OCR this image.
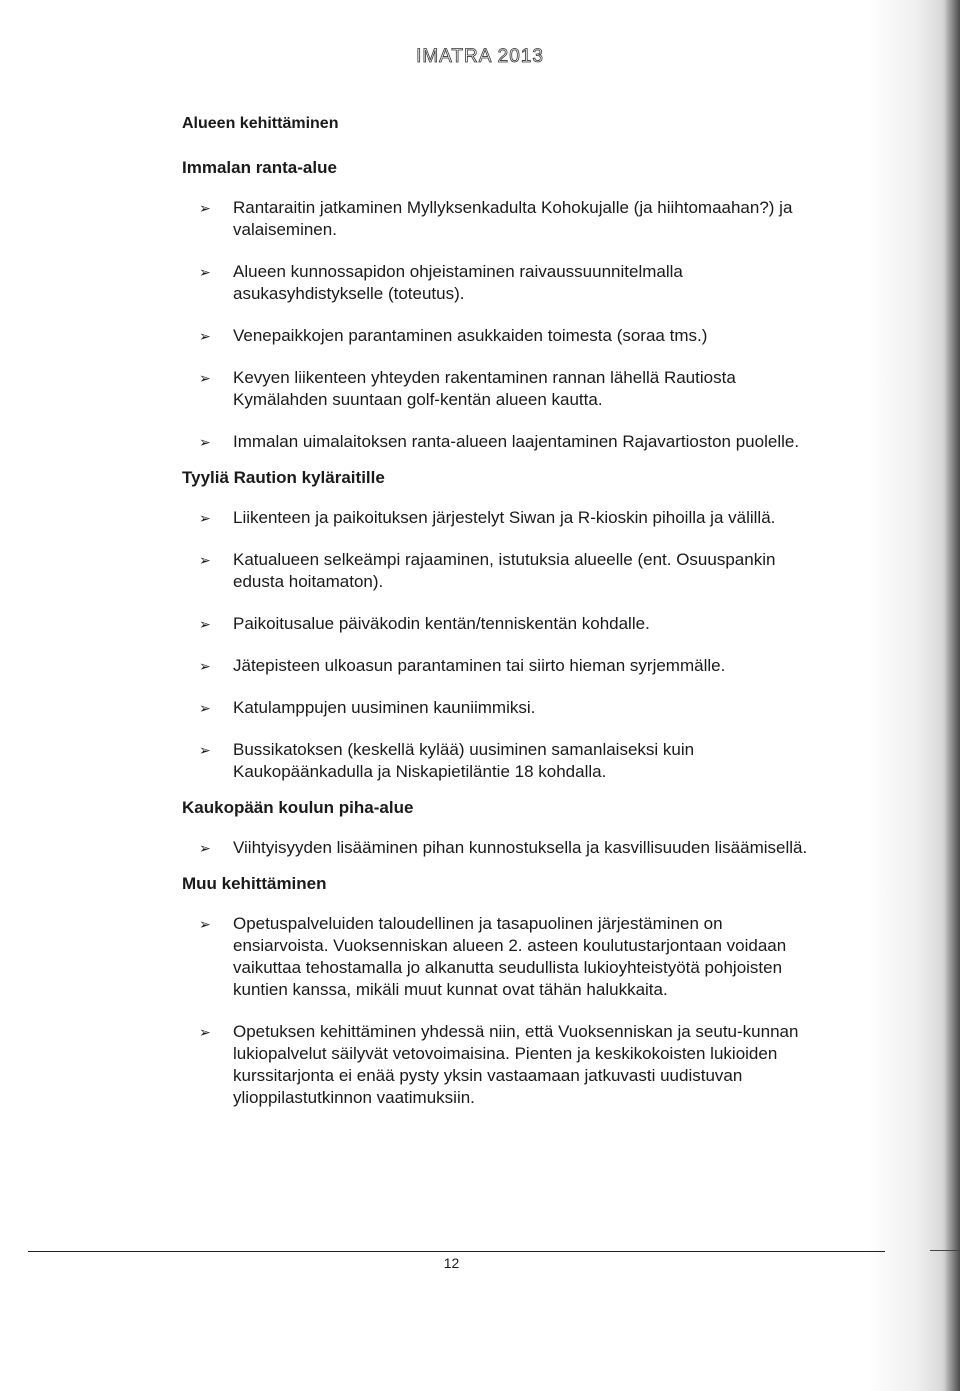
IMATRA 2013
Alueen kehittäminen
Immalan ranta-alue
➢ Rantaraitin jatkaminen Myllyksenkadulta Kohokujalle (ja hiihtomaahan?) ja valaiseminen.
➢ Alueen kunnossapidon ohjeistaminen raivaussuunnitelmalla asukasyhdistykselle (toteutus).
➢ Venepaikkojen parantaminen asukkaiden toimesta (soraa tms.)
➢ Kevyen liikenteen yhteyden rakentaminen rannan lähellä Rautiosta Kymälahden suuntaan golf-kentän alueen kautta.
➢ Immalan uimalaitoksen ranta-alueen laajentaminen Rajavartioston puolelle.
Tyyliä Raution kyläraitille
➢ Liikenteen ja paikoituksen järjestelyt Siwan ja R-kioskin pihoilla ja välillä.
➢ Katualueen selkeämpi rajaaminen, istutuksia alueelle (ent. Osuuspankin edusta hoitamaton).
➢ Paikoitusalue päiväkodin kentän/tenniskentän kohdalle.
➢ Jätepisteen ulkoasun parantaminen tai siirto hieman syrjemmälle.
➢ Katulamppujen uusiminen kauniimmiksi.
➢ Bussikatoksen (keskellä kylää) uusiminen samanlaiseksi kuin Kaukopäänkadulla ja Niskapietiläntie 18 kohdalla.
Kaukopään koulun piha-alue
➢ Viihtyisyyden lisääminen pihan kunnostuksella ja kasvillisuuden lisäämisellä.
Muu kehittäminen
➢ Opetuspalveluiden taloudellinen ja tasapuolinen järjestäminen on ensiarvoista. Vuoksenniskan alueen 2. asteen koulutustarjontaan voidaan vaikuttaa tehostamalla jo alkanutta seudullista lukioyhteistyötä pohjoisten kuntien kanssa, mikäli muut kunnat ovat tähän halukkaita.
➢ Opetuksen kehittäminen yhdessä niin, että Vuoksenniskan ja seutu-kunnan lukiopalvelut säilyvät vetovoimaisina. Pienten ja keskikokoisten lukioiden kurssitarjonta ei enää pysty yksin vastaamaan jatkuvasti uudistuvan ylioppilastutkinnon vaatimuksiin.
12
